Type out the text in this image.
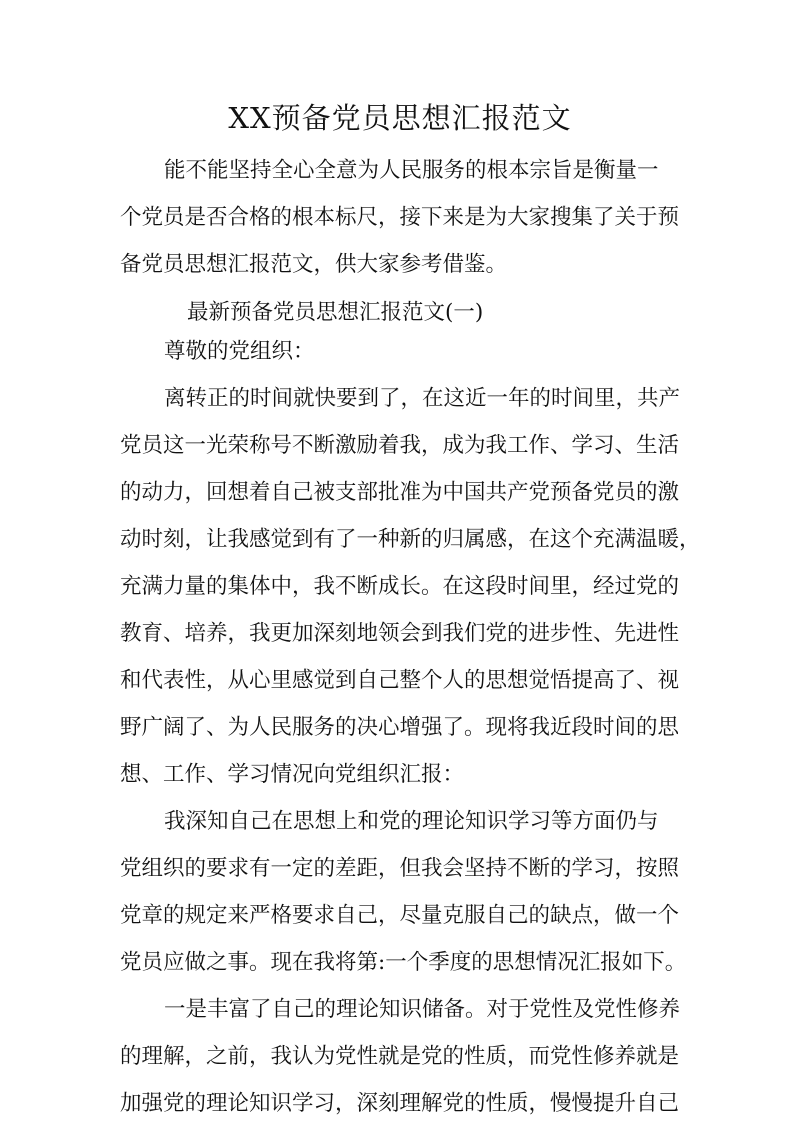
XX预备党员思想汇报范文
能不能坚持全心全意为人民服务的根本宗旨是衡量一
个党员是否合格的根本标尺，接下来是为大家搜集了关于预
备党员思想汇报范文，供大家参考借鉴。
最新预备党员思想汇报范文(一)
尊敬的党组织：
离转正的时间就快要到了，在这近一年的时间里，共产
党员这一光荣称号不断激励着我，成为我工作、学习、生活
的动力，回想着自己被支部批准为中国共产党预备党员的激
动时刻，让我感觉到有了一种新的归属感，在这个充满温暖，
充满力量的集体中，我不断成长。在这段时间里，经过党的
教育、培养，我更加深刻地领会到我们党的进步性、先进性
和代表性，从心里感觉到自己整个人的思想觉悟提高了、视
野广阔了、为人民服务的决心增强了。现将我近段时间的思
想、工作、学习情况向党组织汇报：
我深知自己在思想上和党的理论知识学习等方面仍与
党组织的要求有一定的差距，但我会坚持不断的学习，按照
党章的规定来严格要求自己，尽量克服自己的缺点，做一个
党员应做之事。现在我将第:一个季度的思想情况汇报如下。
一是丰富了自己的理论知识储备。对于党性及党性修养
的理解，之前，我认为党性就是党的性质，而党性修养就是
加强党的理论知识学习，深刻理解党的性质，慢慢提升自己
